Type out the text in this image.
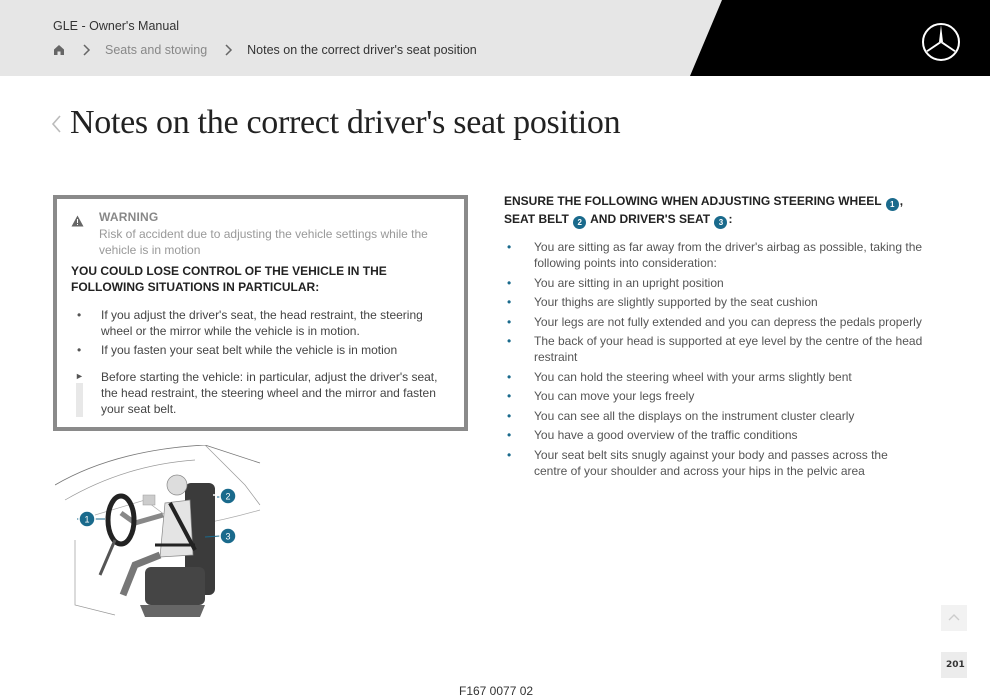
GLE - Owner's Manual
Seats and stowing	Notes on the correct driver's seat position
Notes on the correct driver's seat position
WARNING
Risk of accident due to adjusting the vehicle settings while the vehicle is in motion
YOU COULD LOSE CONTROL OF THE VEHICLE IN THE FOLLOWING SITUATIONS IN PARTICULAR:
• If you adjust the driver's seat, the head restraint, the steering wheel or the mirror while the vehicle is in motion.
• If you fasten your seat belt while the vehicle is in motion
► Before starting the vehicle: in particular, adjust the driver's seat, the head restraint, the steering wheel and the mirror and fasten your seat belt.
ENSURE THE FOLLOWING WHEN ADJUSTING STEERING WHEEL 1 , SEAT BELT 2 AND DRIVER'S SEAT 3 :
• You are sitting as far away from the driver's airbag as possible, taking the following points into consideration:
• You are sitting in an upright position
• Your thighs are slightly supported by the seat cushion
• Your legs are not fully extended and you can depress the pedals properly
• The back of your head is supported at eye level by the centre of the head restraint
• You can hold the steering wheel with your arms slightly bent
• You can move your legs freely
• You can see all the displays on the instrument cluster clearly
• You have a good overview of the traffic conditions
• Your seat belt sits snugly against your body and passes across the centre of your shoulder and across your hips in the pelvic area
1
2
3
F167 0077 02
201
